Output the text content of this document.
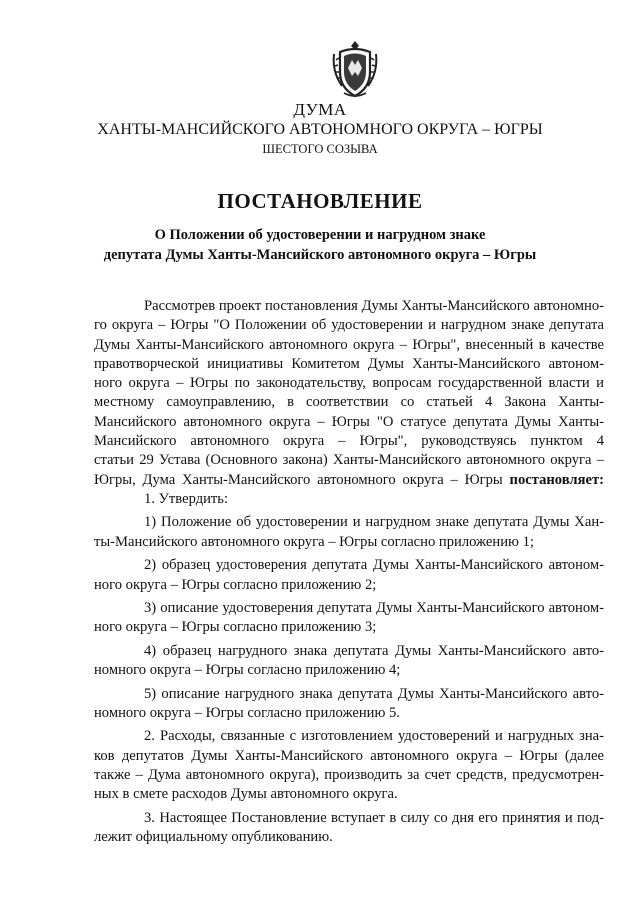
ДУМА
ХАНТЫ-МАНСИЙСКОГО АВТОНОМНОГО ОКРУГА – ЮГРЫ
ШЕСТОГО СОЗЫВА
ПОСТАНОВЛЕНИЕ
О Положении об удостоверении и нагрудном знаке
депутата Думы Ханты-Мансийского автономного округа – Югры
Рассмотрев проект постановления Думы Ханты-Мансийского автономно-
го округа – Югры "О Положении об удостоверении и нагрудном знаке депутата
Думы Ханты-Мансийского автономного округа – Югры", внесенный в качестве
правотворческой инициативы Комитетом Думы Ханты-Мансийского автоном-
ного округа – Югры по законодательству, вопросам государственной власти и
местному самоуправлению, в соответствии со статьей 4 Закона Ханты-
Мансийского автономного округа – Югры "О статусе депутата Думы Ханты-
Мансийского автономного округа – Югры", руководствуясь пунктом 4
статьи 29 Устава (Основного закона) Ханты-Мансийского автономного округа –
Югры, Дума Ханты-Мансийского автономного округа – Югры постановляет:
1. Утвердить:
1) Положение об удостоверении и нагрудном знаке депутата Думы Хан-
ты-Мансийского автономного округа – Югры согласно приложению 1;
2) образец удостоверения депутата Думы Ханты-Мансийского автоном-
ного округа – Югры согласно приложению 2;
3) описание удостоверения депутата Думы Ханты-Мансийского автоном-
ного округа – Югры согласно приложению 3;
4) образец нагрудного знака депутата Думы Ханты-Мансийского авто-
номного округа – Югры согласно приложению 4;
5) описание нагрудного знака депутата Думы Ханты-Мансийского авто-
номного округа – Югры согласно приложению 5.
2. Расходы, связанные с изготовлением удостоверений и нагрудных зна-
ков депутатов Думы Ханты-Мансийского автономного округа – Югры (далее
также – Дума автономного округа), производить за счет средств, предусмотрен-
ных в смете расходов Думы автономного округа.
3. Настоящее Постановление вступает в силу со дня его принятия и под-
лежит официальному опубликованию.
